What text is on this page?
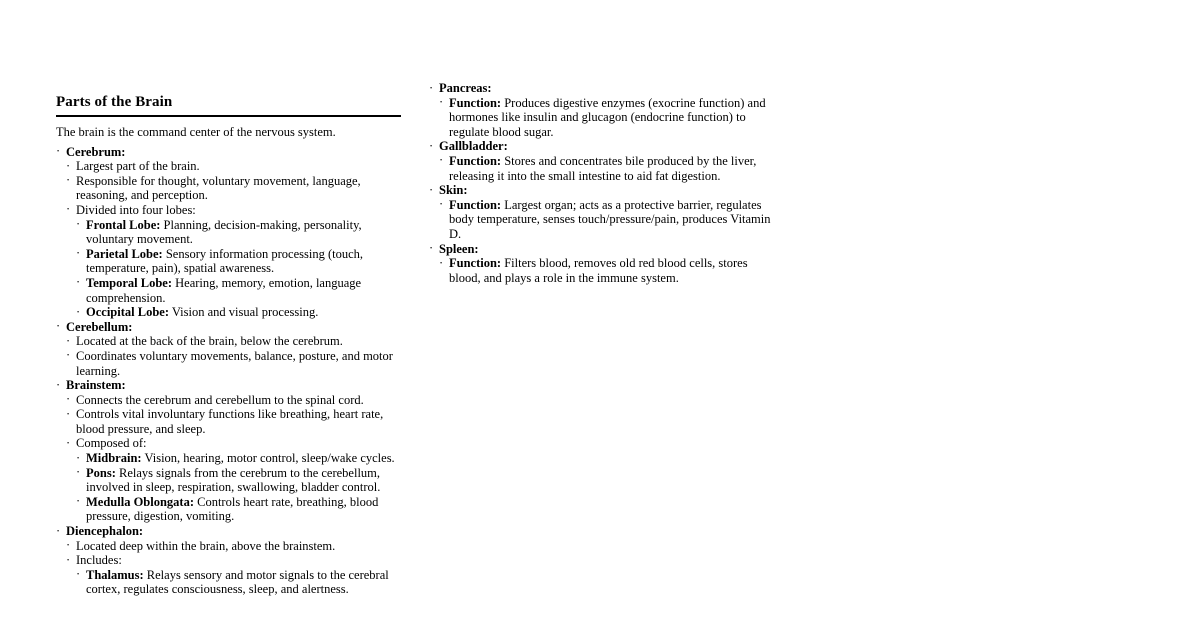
Parts of the Brain

The brain is the command center of the nervous system.

· Cerebrum:
· Largest part of the brain.
· Responsible for thought, voluntary movement, language, reasoning, and perception.
· Divided into four lobes:
· Frontal Lobe: Planning, decision-making, personality, voluntary movement.
· Parietal Lobe: Sensory information processing (touch, temperature, pain), spatial awareness.
· Temporal Lobe: Hearing, memory, emotion, language comprehension.
· Occipital Lobe: Vision and visual processing.
· Cerebellum:
· Located at the back of the brain, below the cerebrum.
· Coordinates voluntary movements, balance, posture, and motor learning.
· Brainstem:
· Connects the cerebrum and cerebellum to the spinal cord.
· Controls vital involuntary functions like breathing, heart rate, blood pressure, and sleep.
· Composed of:
· Midbrain: Vision, hearing, motor control, sleep/wake cycles.
· Pons: Relays signals from the cerebrum to the cerebellum, involved in sleep, respiration, swallowing, bladder control.
· Medulla Oblongata: Controls heart rate, breathing, blood pressure, digestion, vomiting.
· Diencephalon:
· Located deep within the brain, above the brainstem.
· Includes:
· Thalamus: Relays sensory and motor signals to the cerebral cortex, regulates consciousness, sleep, and alertness.
· Pancreas:
· Function: Produces digestive enzymes (exocrine function) and hormones like insulin and glucagon (endocrine function) to regulate blood sugar.
· Gallbladder:
· Function: Stores and concentrates bile produced by the liver, releasing it into the small intestine to aid fat digestion.
· Skin:
· Function: Largest organ; acts as a protective barrier, regulates body temperature, senses touch/pressure/pain, produces Vitamin D.
· Spleen:
· Function: Filters blood, removes old red blood cells, stores blood, and plays a role in the immune system.
